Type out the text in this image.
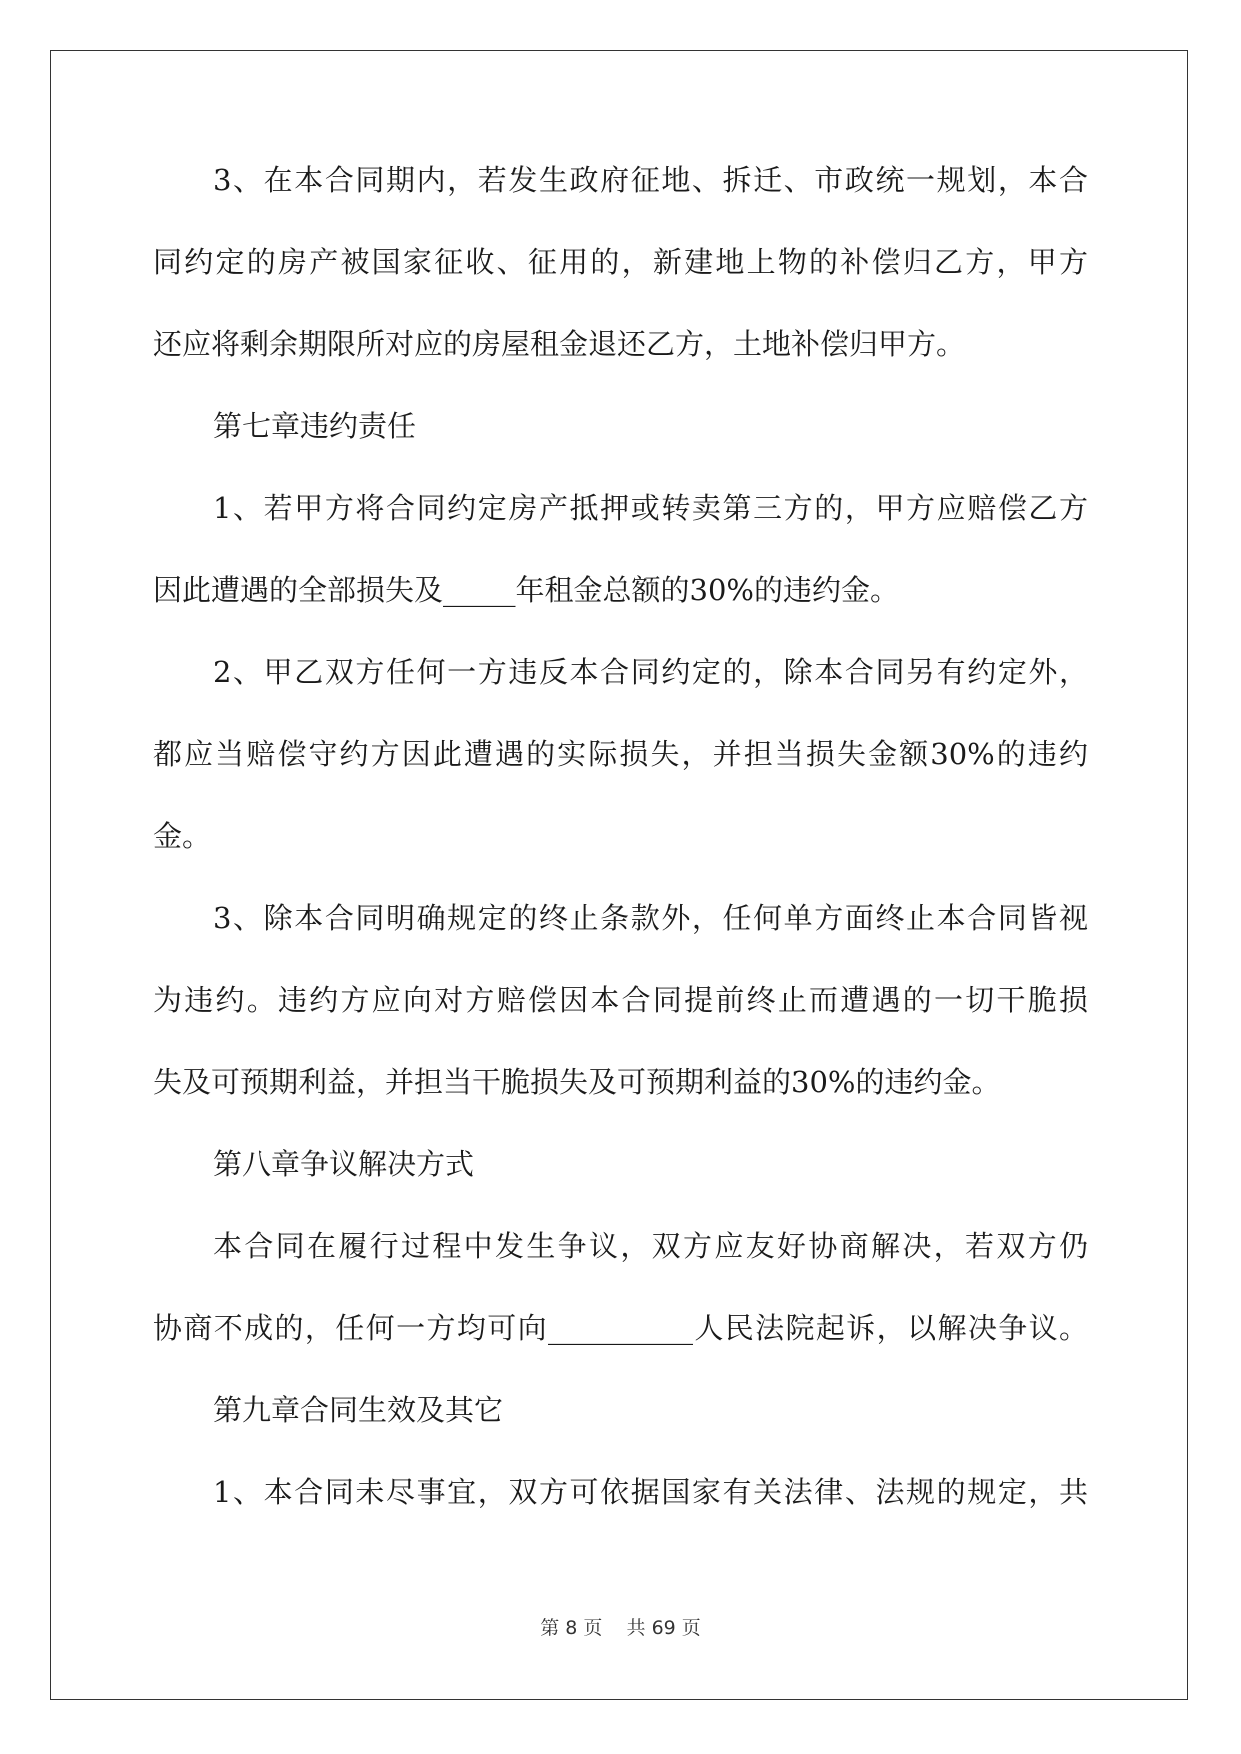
3、在本合同期内，若发生政府征地、拆迁、市政统一规划，本合
同约定的房产被国家征收、征用的，新建地上物的补偿归乙方，甲方
还应将剩余期限所对应的房屋租金退还乙方，土地补偿归甲方。
第七章违约责任
1、若甲方将合同约定房产抵押或转卖第三方的，甲方应赔偿乙方
因此遭遇的全部损失及_____年租金总额的30%的违约金。
2、甲乙双方任何一方违反本合同约定的，除本合同另有约定外，
都应当赔偿守约方因此遭遇的实际损失，并担当损失金额30%的违约
金。
3、除本合同明确规定的终止条款外，任何单方面终止本合同皆视
为违约。违约方应向对方赔偿因本合同提前终止而遭遇的一切干脆损
失及可预期利益，并担当干脆损失及可预期利益的30%的违约金。
第八章争议解决方式
本合同在履行过程中发生争议，双方应友好协商解决，若双方仍
协商不成的，任何一方均可向__________人民法院起诉，以解决争议。
第九章合同生效及其它
1、本合同未尽事宜，双方可依据国家有关法律、法规的规定，共
第 8 页    共 69 页
